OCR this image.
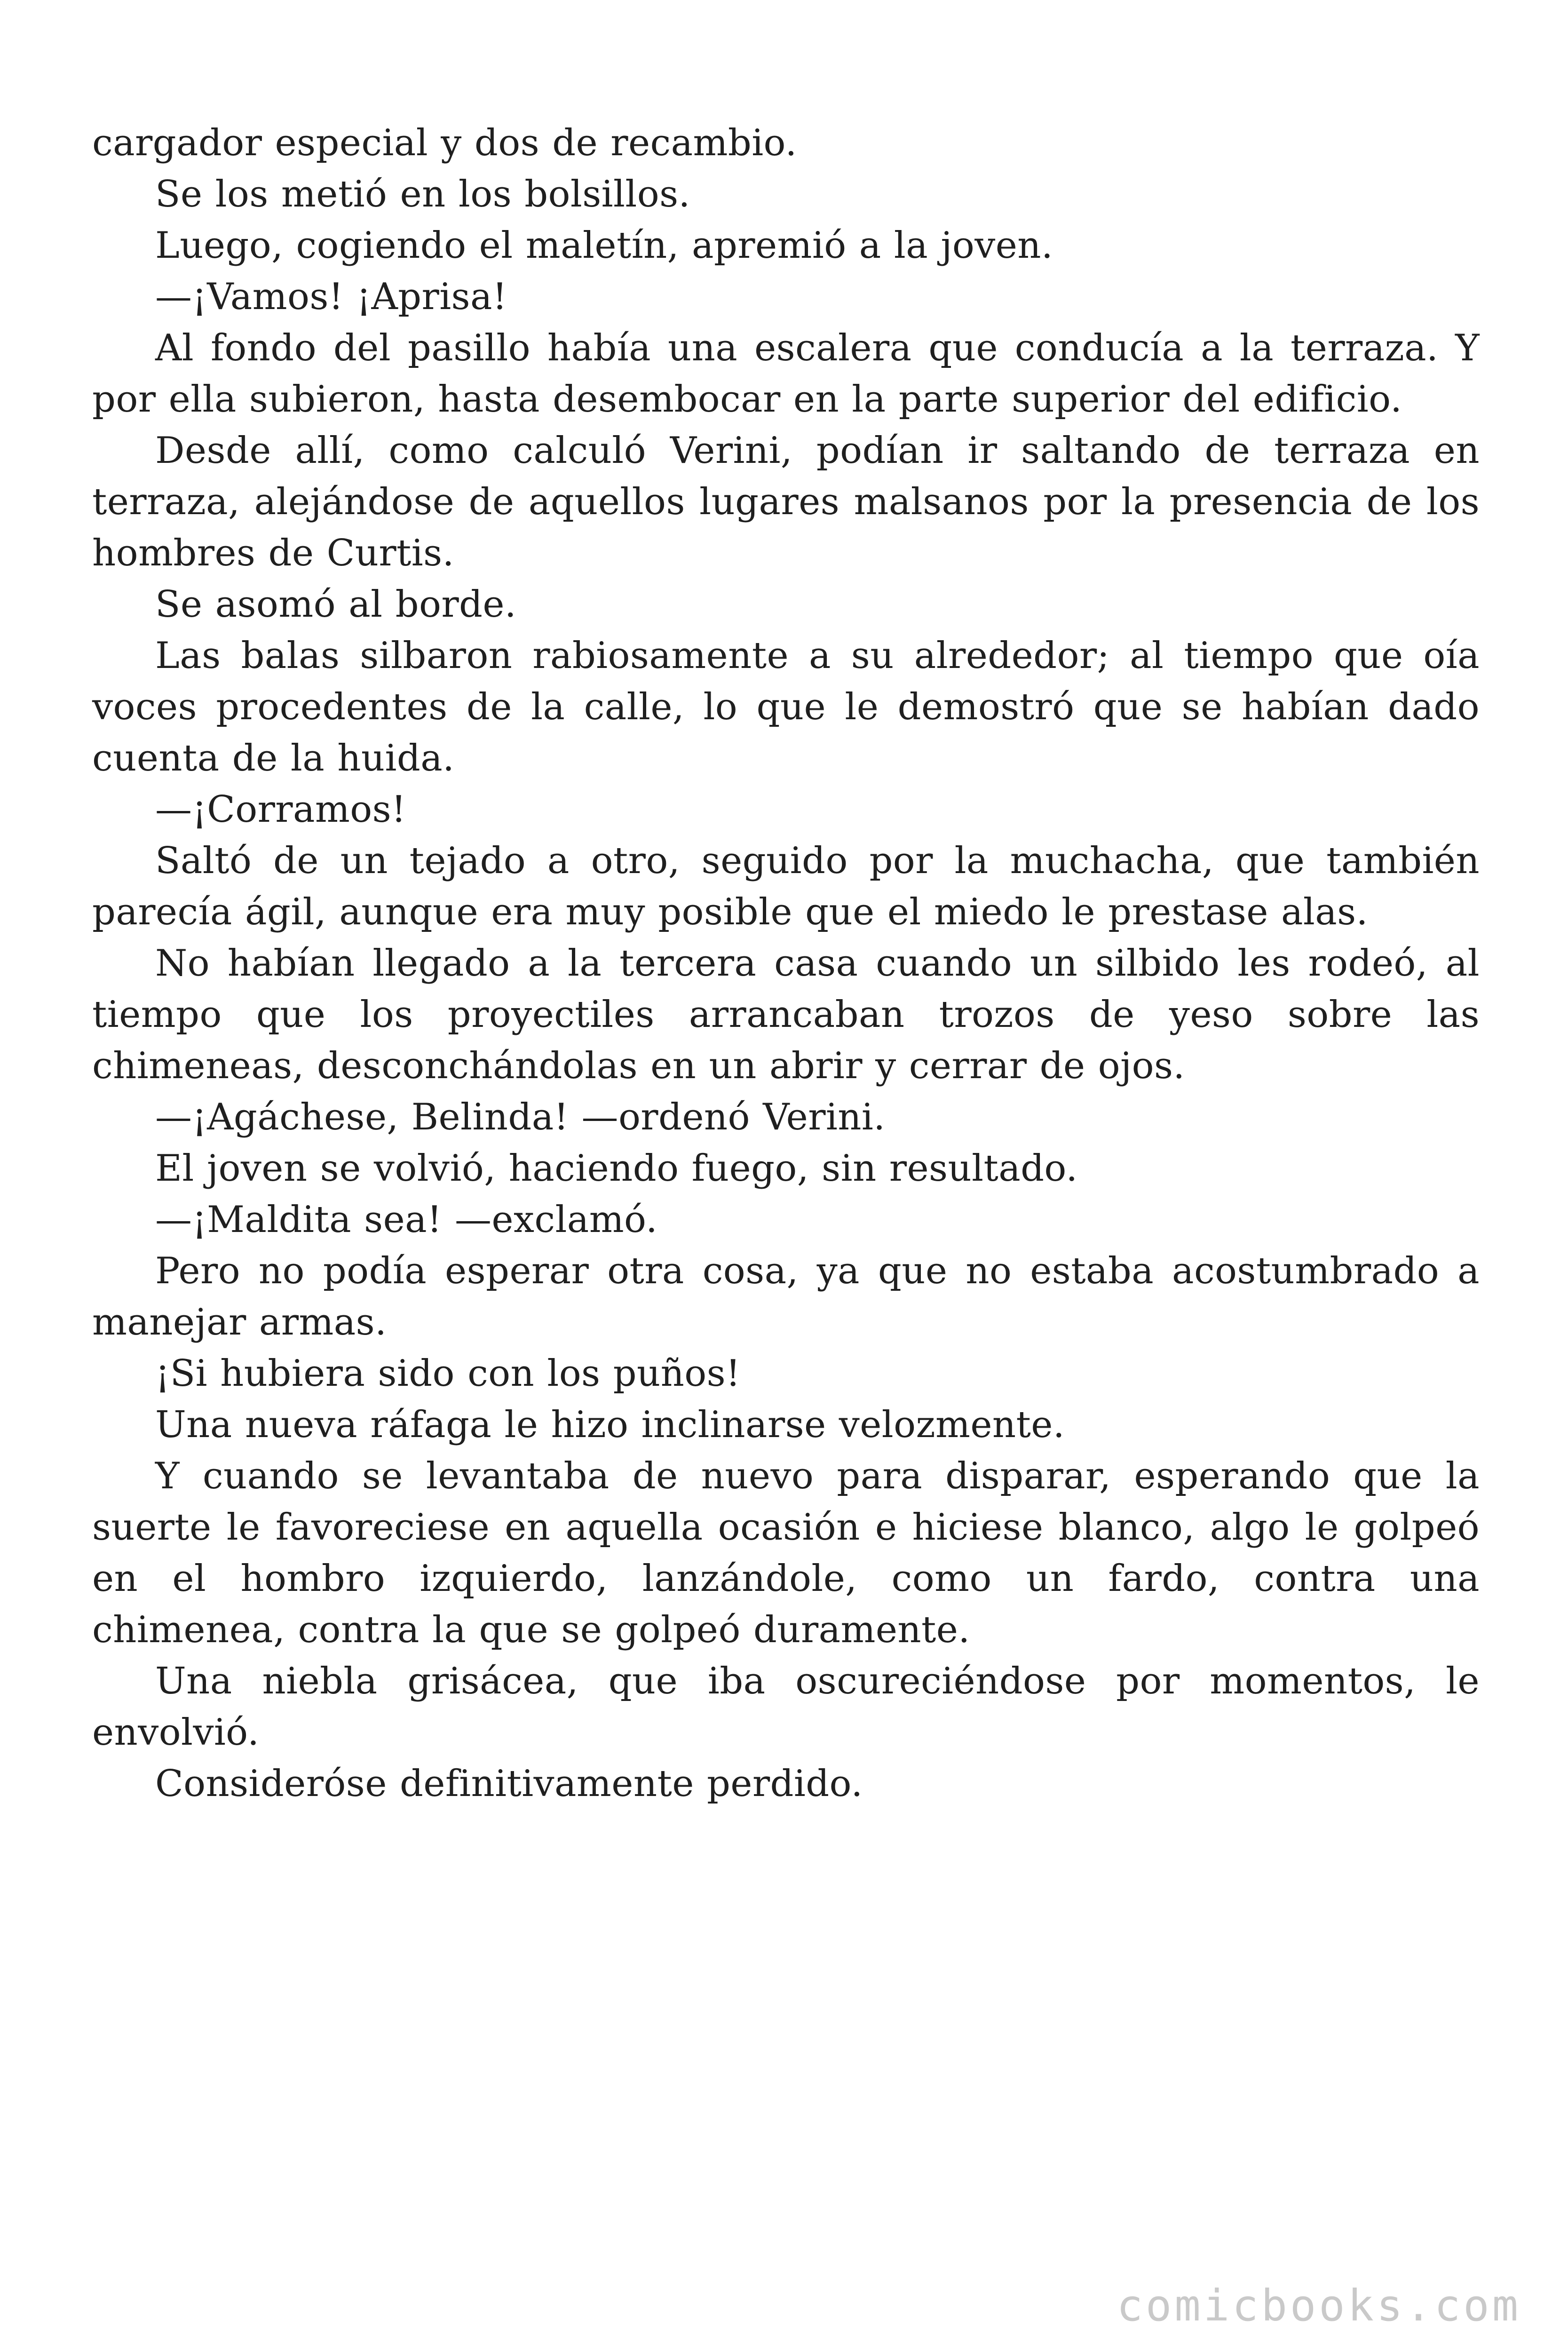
cargador especial y dos de recambio.

Se los metió en los bolsillos.

Luego, cogiendo el maletín, apremió a la joven.

—¡Vamos! ¡Aprisa!

Al fondo del pasillo había una escalera que conducía a la terraza. Y por ella subieron, hasta desembocar en la parte superior del edificio.

Desde allí, como calculó Verini, podían ir saltando de terraza en terraza, alejándose de aquellos lugares malsanos por la presencia de los hombres de Curtis.

Se asomó al borde.

Las balas silbaron rabiosamente a su alrededor; al tiempo que oía voces procedentes de la calle, lo que le demostró que se habían dado cuenta de la huida.

—¡Corramos!

Saltó de un tejado a otro, seguido por la muchacha, que también parecía ágil, aunque era muy posible que el miedo le prestase alas.

No habían llegado a la tercera casa cuando un silbido les rodeó, al tiempo que los proyectiles arrancaban trozos de yeso sobre las chimeneas, desconchándolas en un abrir y cerrar de ojos.

—¡Agáchese, Belinda! —ordenó Verini.

El joven se volvió, haciendo fuego, sin resultado.

—¡Maldita sea! —exclamó.

Pero no podía esperar otra cosa, ya que no estaba acostumbrado a manejar armas.

¡Si hubiera sido con los puños!

Una nueva ráfaga le hizo inclinarse velozmente.

Y cuando se levantaba de nuevo para disparar, esperando que la suerte le favoreciese en aquella ocasión e hiciese blanco, algo le golpeó en el hombro izquierdo, lanzándole, como un fardo, contra una chimenea, contra la que se golpeó duramente.

Una niebla grisácea, que iba oscureciéndose por momentos, le envolvió.

Consideróse definitivamente perdido.

comicbooks.com
